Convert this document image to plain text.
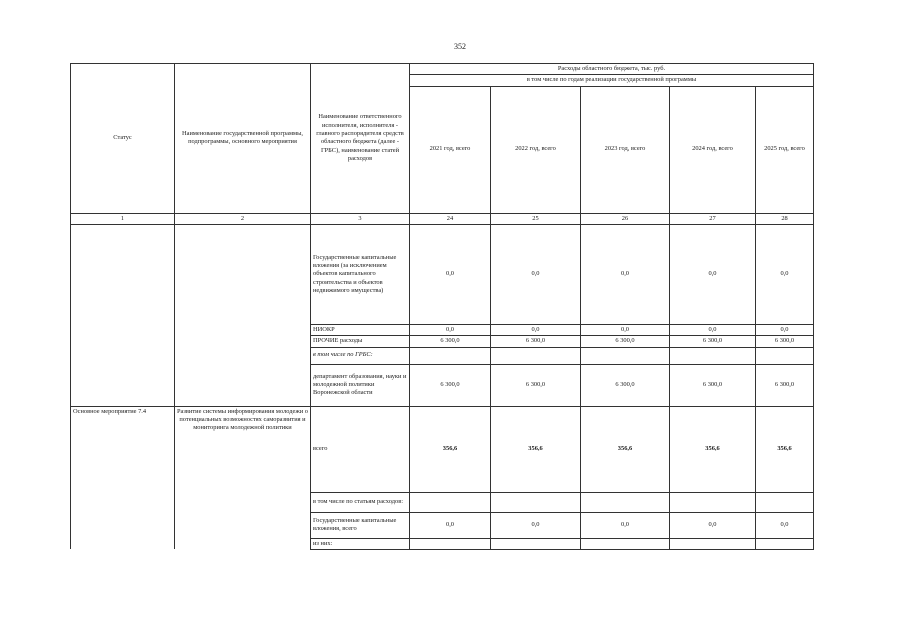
352
Статус	Наименование государственной программы, подпрограммы, основного мероприятия	Наименование ответственного исполнителя, исполнителя - главного распорядителя средств областного бюджета (далее - ГРБС), наименование статей расходов	Расходы областного бюджета, тыс. руб.				
			в том числе по годам реализации государственной программы				
			2021 год, всего	2022 год, всего	2023 год, всего	2024 год, всего	2025 год, всего
1	2	3	24	25	26	27	28
		Государственные капитальные вложения (за исключением объектов капитального строительства и объектов недвижимого имущества)	0,0	0,0	0,0	0,0	0,0
		НИОКР	0,0	0,0	0,0	0,0	0,0
		ПРОЧИЕ расходы	6 300,0	6 300,0	6 300,0	6 300,0	6 300,0
		в том числе по ГРБС:					
		департамент образования, науки и молодежной политики Воронежской области	6 300,0	6 300,0	6 300,0	6 300,0	6 300,0
Основное мероприятие 7.4	Развитие системы информирования молодежи о потенциальных возможностях саморазвития и мониторинга молодежной политики	всего	356,6	356,6	356,6	356,6	356,6
		в том числе по статьям расходов:					
		Государственные капитальные вложения, всего	0,0	0,0	0,0	0,0	0,0
		из них:					
